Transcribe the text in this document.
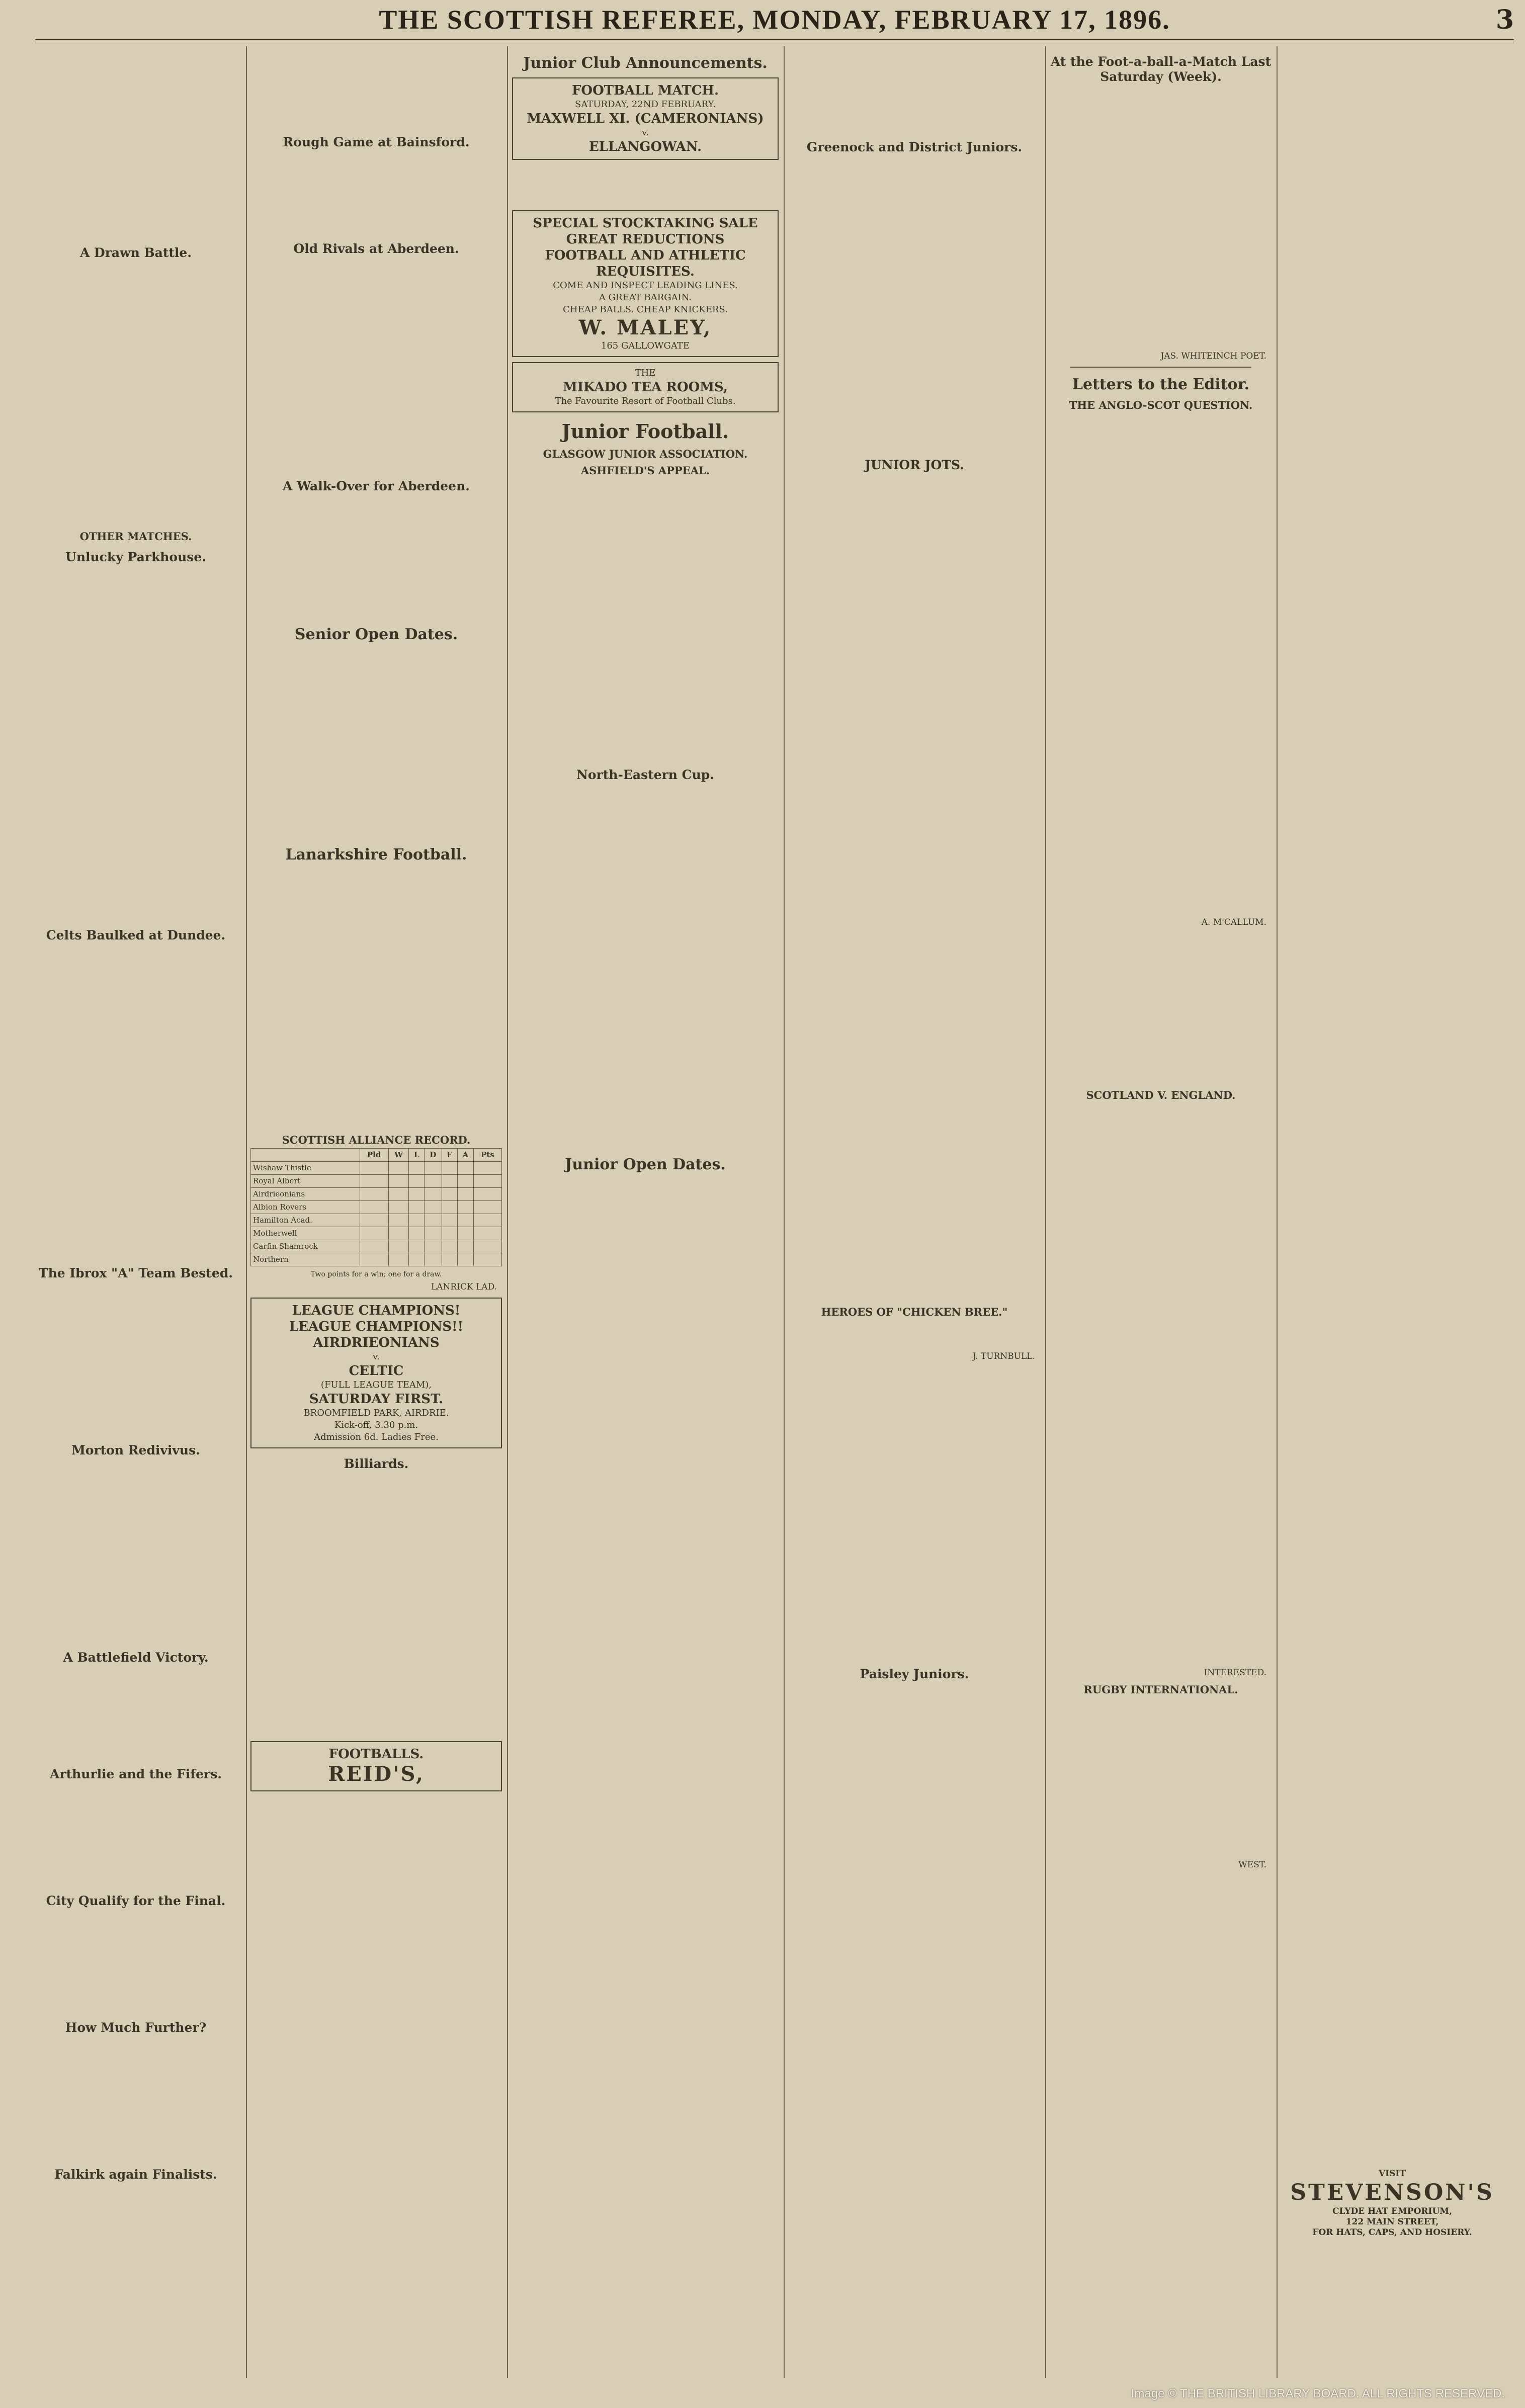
THE SCOTTISH REFEREE, MONDAY, FEBRUARY 17, 1896.	3
A Drawn Battle.
OTHER MATCHES.
Unlucky Parkhouse.
Celts Baulked at Dundee.
The Ibrox "A" Team Bested.
Morton Redivivus.
A Battlefield Victory.
Arthurlie and the Fifers.
City Qualify for the Final.
How Much Further?
Falkirk again Finalists.
Rough Game at Bainsford.
Old Rivals at Aberdeen.
A Walk-Over for Aberdeen.
Senior Open Dates.
Lanarkshire Football.
SCOTTISH ALLIANCE RECORD.
	Pld	W	L	D	F	A	Pts
Wishaw Thistle							
Royal Albert							
Airdrieonians							
Albion Rovers							
Hamilton Acad.							
Motherwell							
Carfin Shamrock							
Northern							
Two points for a win; one for a draw.
LANRICK LAD.
LEAGUE CHAMPIONS!
LEAGUE CHAMPIONS!!
AIRDRIEONIANS
v.
CELTIC
(FULL LEAGUE TEAM),
SATURDAY FIRST.
BROOMFIELD PARK, AIRDRIE.
Kick-off, 3.30 p.m.
Admission 6d. Ladies Free.
Billiards.
FOOTBALLS.
REID'S,
Junior Club Announcements.
FOOTBALL MATCH.
SATURDAY, 22ND FEBRUARY.
MAXWELL XI. (CAMERONIANS)
v.
ELLANGOWAN.
SPECIAL STOCKTAKING SALE
GREAT REDUCTIONS
FOOTBALL AND ATHLETIC REQUISITES.
COME AND INSPECT LEADING LINES.
A GREAT BARGAIN.
CHEAP BALLS. CHEAP KNICKERS.
W. MALEY,
165 GALLOWGATE
THE
MIKADO TEA ROOMS,
The Favourite Resort of Football Clubs.
Junior Football.
GLASGOW JUNIOR ASSOCIATION.
ASHFIELD'S APPEAL.
North-Eastern Cup.
Junior Open Dates.
Greenock and District Juniors.
JUNIOR JOTS.
HEROES OF "CHICKEN BREE."
J. TURNBULL.
Paisley Juniors.
At the Foot-a-ball-a-Match Last Saturday (Week).
JAS. WHITEINCH POET.
Letters to the Editor.
THE ANGLO-SCOT QUESTION.
A. M'CALLUM.
SCOTLAND V. ENGLAND.
INTERESTED.
RUGBY INTERNATIONAL.
WEST.
VISIT
STEVENSON'S
CLYDE HAT EMPORIUM,
122 MAIN STREET,
FOR HATS, CAPS, AND HOSIERY.
Image © THE BRITISH LIBRARY BOARD. ALL RIGHTS RESERVED.
